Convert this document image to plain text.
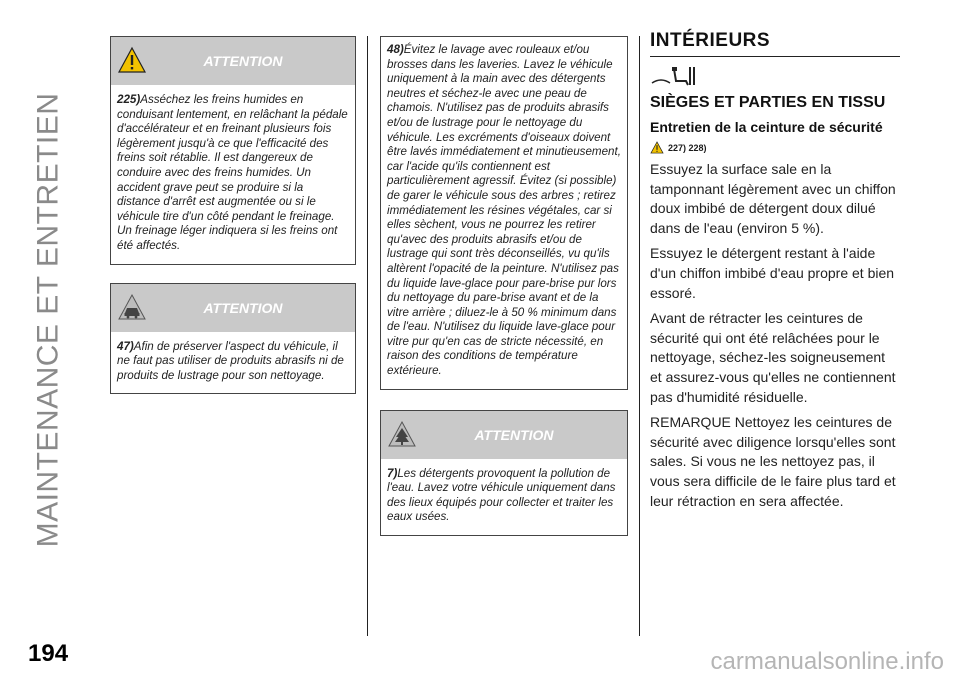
MAINTENANCE ET ENTRETIEN
194	carmanualsonline.info
ATTENTION
225)Asséchez les freins humides en conduisant lentement, en relâchant la pédale d'accélérateur et en freinant plusieurs fois légèrement jusqu'à ce que l'efficacité des freins soit rétablie. Il est dangereux de conduire avec des freins humides. Un accident grave peut se produire si la distance d'arrêt est augmentée ou si le véhicule tire d'un côté pendant le freinage. Un freinage léger indiquera si les freins ont été affectés.
ATTENTION
47)Afin de préserver l'aspect du véhicule, il ne faut pas utiliser de produits abrasifs ni de produits de lustrage pour son nettoyage.
48)Évitez le lavage avec rouleaux et/ou brosses dans les laveries. Lavez le véhicule uniquement à la main avec des détergents neutres et séchez-le avec une peau de chamois. N'utilisez pas de produits abrasifs et/ou de lustrage pour le nettoyage du véhicule. Les excréments d'oiseaux doivent être lavés immédiatement et minutieusement, car l'acide qu'ils contiennent est particulièrement agressif. Évitez (si possible) de garer le véhicule sous des arbres ; retirez immédiatement les résines végétales, car si elles sèchent, vous ne pourrez les retirer qu'avec des produits abrasifs et/ou de lustrage qui sont très déconseillés, vu qu'ils altèrent l'opacité de la peinture. N'utilisez pas du liquide lave-glace pour pare-brise pur lors du nettoyage du pare-brise avant et de la vitre arrière ; diluez-le à 50 % minimum dans de l'eau. N'utilisez du liquide lave-glace pour vitre pur qu'en cas de stricte nécessité, en raison des conditions de température extérieure.
ATTENTION
7)Les détergents provoquent la pollution de l'eau. Lavez votre véhicule uniquement dans des lieux équipés pour collecter et traiter les eaux usées.
INTÉRIEURS
SIÈGES ET PARTIES EN TISSU
Entretien de la ceinture de sécurité
227) 228)

Essuyez la surface sale en la tamponnant légèrement avec un chiffon doux imbibé de détergent doux dilué dans de l'eau (environ 5 %).

Essuyez le détergent restant à l'aide d'un chiffon imbibé d'eau propre et bien essoré.

Avant de rétracter les ceintures de sécurité qui ont été relâchées pour le nettoyage, séchez-les soigneusement et assurez-vous qu'elles ne contiennent pas d'humidité résiduelle.

REMARQUE Nettoyez les ceintures de sécurité avec diligence lorsqu'elles sont sales. Si vous ne les nettoyez pas, il vous sera difficile de le faire plus tard et leur rétraction en sera affectée.
